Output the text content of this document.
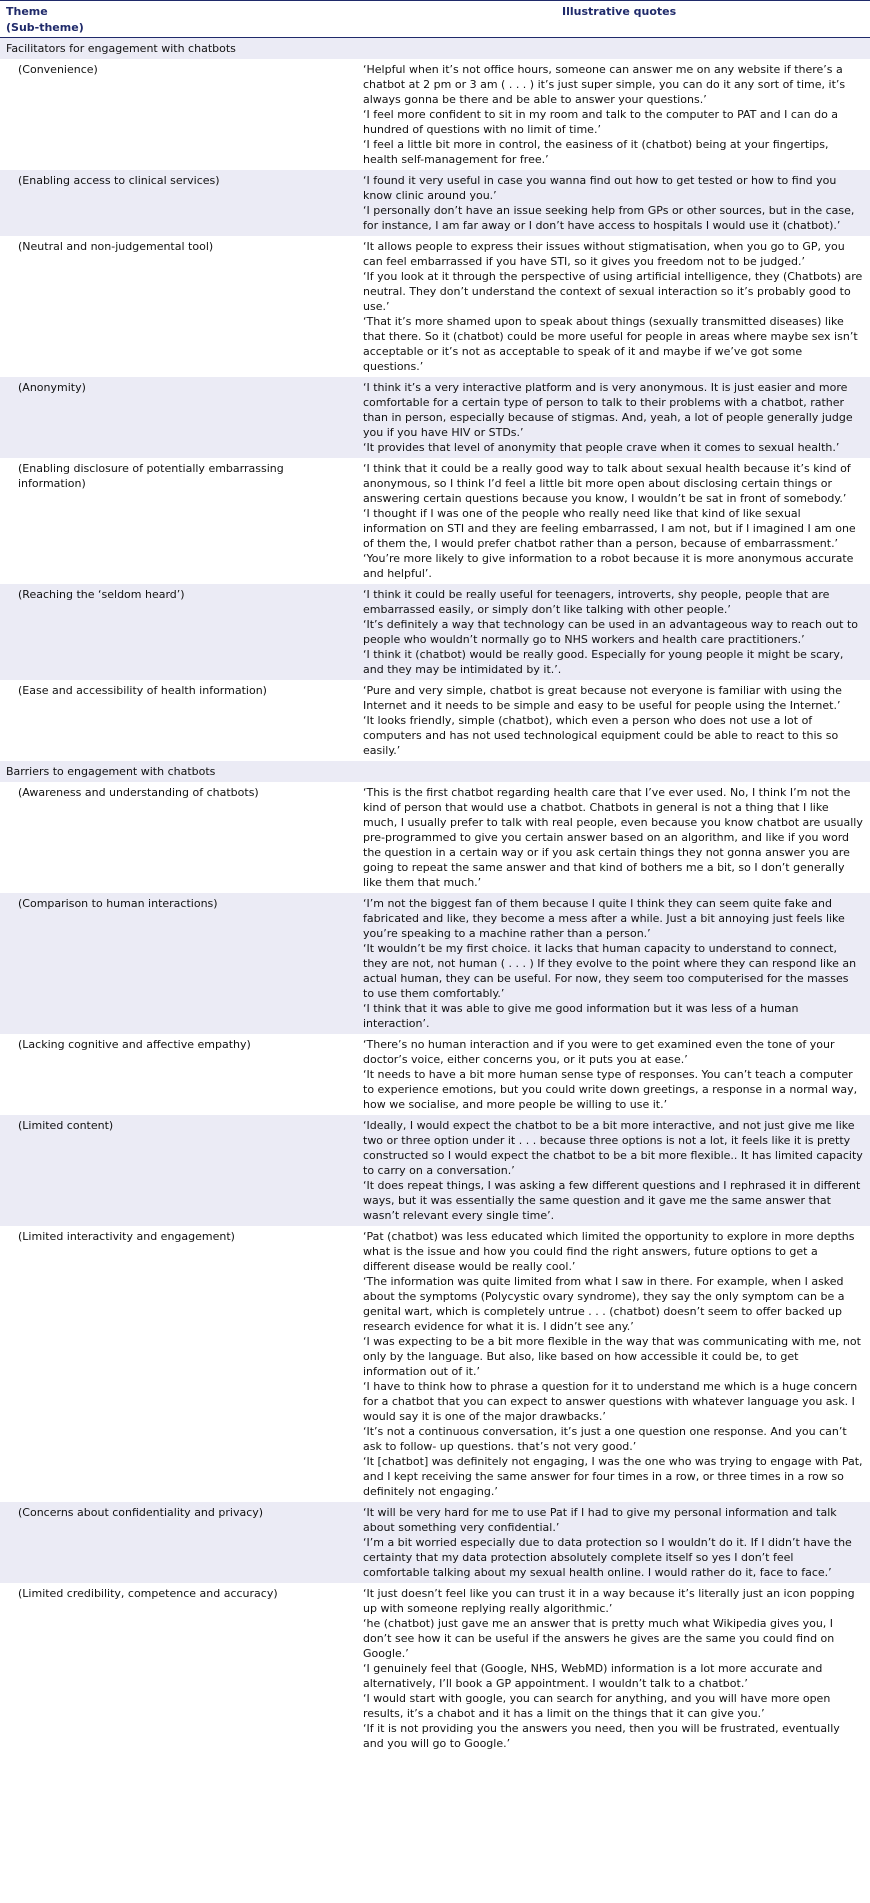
Theme
(Sub-theme)
Illustrative quotes
Facilitators for engagement with chatbots
(Convenience)	‘Helpful when it’s not office hours, someone can answer me on any website if there’s a chatbot at 2 pm or 3 am ( . . . ) it’s just super simple, you can do it any sort of time, it’s always gonna be there and be able to answer your questions.’
‘I feel more confident to sit in my room and talk to the computer to PAT and I can do a hundred of questions with no limit of time.’
‘I feel a little bit more in control, the easiness of it (chatbot) being at your fingertips, health self-management for free.’
(Enabling access to clinical services)	‘I found it very useful in case you wanna find out how to get tested or how to find you know clinic around you.’
‘I personally don’t have an issue seeking help from GPs or other sources, but in the case, for instance, I am far away or I don’t have access to hospitals I would use it (chatbot).’
(Neutral and non-judgemental tool)	‘It allows people to express their issues without stigmatisation, when you go to GP, you can feel embarrassed if you have STI, so it gives you freedom not to be judged.’
‘If you look at it through the perspective of using artificial intelligence, they (Chatbots) are neutral. They don’t understand the context of sexual interaction so it’s probably good to use.’
‘That it’s more shamed upon to speak about things (sexually transmitted diseases) like that there. So it (chatbot) could be more useful for people in areas where maybe sex isn’t acceptable or it’s not as acceptable to speak of it and maybe if we’ve got some questions.’
(Anonymity)	‘I think it’s a very interactive platform and is very anonymous. It is just easier and more comfortable for a certain type of person to talk to their problems with a chatbot, rather than in person, especially because of stigmas. And, yeah, a lot of people generally judge you if you have HIV or STDs.’
‘It provides that level of anonymity that people crave when it comes to sexual health.’
(Enabling disclosure of potentially embarrassing information)
‘I think that it could be a really good way to talk about sexual health because it’s kind of anonymous, so I think I’d feel a little bit more open about disclosing certain things or answering certain questions because you know, I wouldn’t be sat in front of somebody.’
‘I thought if I was one of the people who really need like that kind of like sexual information on STI and they are feeling embarrassed, I am not, but if I imagined I am one of them the, I would prefer chatbot rather than a person, because of embarrassment.’
‘You’re more likely to give information to a robot because it is more anonymous accurate and helpful’.
(Reaching the ‘seldom heard’)	‘I think it could be really useful for teenagers, introverts, shy people, people that are embarrassed easily, or simply don’t like talking with other people.’
‘It’s definitely a way that technology can be used in an advantageous way to reach out to people who wouldn’t normally go to NHS workers and health care practitioners.’
‘I think it (chatbot) would be really good. Especially for young people it might be scary, and they may be intimidated by it.’.
(Ease and accessibility of health information)	‘Pure and very simple, chatbot is great because not everyone is familiar with using the Internet and it needs to be simple and easy to be useful for people using the Internet.’
‘It looks friendly, simple (chatbot), which even a person who does not use a lot of computers and has not used technological equipment could be able to react to this so easily.’
Barriers to engagement with chatbots
(Awareness and understanding of chatbots)	‘This is the first chatbot regarding health care that I’ve ever used. No, I think I’m not the kind of person that would use a chatbot. Chatbots in general is not a thing that I like much, I usually prefer to talk with real people, even because you know chatbot are usually pre-programmed to give you certain answer based on an algorithm, and like if you word the question in a certain way or if you ask certain things they not gonna answer you are going to repeat the same answer and that kind of bothers me a bit, so I don’t generally like them that much.’
(Comparison to human interactions)	‘I’m not the biggest fan of them because I quite I think they can seem quite fake and fabricated and like, they become a mess after a while. Just a bit annoying just feels like you’re speaking to a machine rather than a person.’
‘It wouldn’t be my first choice. it lacks that human capacity to understand to connect, they are not, not human ( . . . ) If they evolve to the point where they can respond like an actual human, they can be useful. For now, they seem too computerised for the masses to use them comfortably.’
‘I think that it was able to give me good information but it was less of a human interaction’.
(Lacking cognitive and affective empathy)	‘There’s no human interaction and if you were to get examined even the tone of your doctor’s voice, either concerns you, or it puts you at ease.’
‘It needs to have a bit more human sense type of responses. You can’t teach a computer to experience emotions, but you could write down greetings, a response in a normal way, how we socialise, and more people be willing to use it.’
(Limited content)	‘Ideally, I would expect the chatbot to be a bit more interactive, and not just give me like two or three option under it . . . because three options is not a lot, it feels like it is pretty constructed so I would expect the chatbot to be a bit more flexible.. It has limited capacity to carry on a conversation.’
‘It does repeat things, I was asking a few different questions and I rephrased it in different ways, but it was essentially the same question and it gave me the same answer that wasn’t relevant every single time’.
(Limited interactivity and engagement)	‘Pat (chatbot) was less educated which limited the opportunity to explore in more depths what is the issue and how you could find the right answers, future options to get a different disease would be really cool.’
‘The information was quite limited from what I saw in there. For example, when I asked about the symptoms (Polycystic ovary syndrome), they say the only symptom can be a genital wart, which is completely untrue . . . (chatbot) doesn’t seem to offer backed up research evidence for what it is. I didn’t see any.’
‘I was expecting to be a bit more flexible in the way that was communicating with me, not only by the language. But also, like based on how accessible it could be, to get information out of it.’
‘I have to think how to phrase a question for it to understand me which is a huge concern for a chatbot that you can expect to answer questions with whatever language you ask. I would say it is one of the major drawbacks.’
‘It’s not a continuous conversation, it’s just a one question one response. And you can’t ask to follow- up questions. that’s not very good.’
‘It [chatbot] was definitely not engaging, I was the one who was trying to engage with Pat, and I kept receiving the same answer for four times in a row, or three times in a row so definitely not engaging.’
(Concerns about confidentiality and privacy)	‘It will be very hard for me to use Pat if I had to give my personal information and talk about something very confidential.’
‘I’m a bit worried especially due to data protection so I wouldn’t do it. If I didn’t have the certainty that my data protection absolutely complete itself so yes I don’t feel comfortable talking about my sexual health online. I would rather do it, face to face.’
(Limited credibility, competence and accuracy)	‘It just doesn’t feel like you can trust it in a way because it’s literally just an icon popping up with someone replying really algorithmic.’
‘he (chatbot) just gave me an answer that is pretty much what Wikipedia gives you, I don’t see how it can be useful if the answers he gives are the same you could find on Google.’
‘I genuinely feel that (Google, NHS, WebMD) information is a lot more accurate and alternatively, I’ll book a GP appointment. I wouldn’t talk to a chatbot.’
‘I would start with google, you can search for anything, and you will have more open results, it’s a chabot and it has a limit on the things that it can give you.’
‘If it is not providing you the answers you need, then you will be frustrated, eventually and you will go to Google.’
